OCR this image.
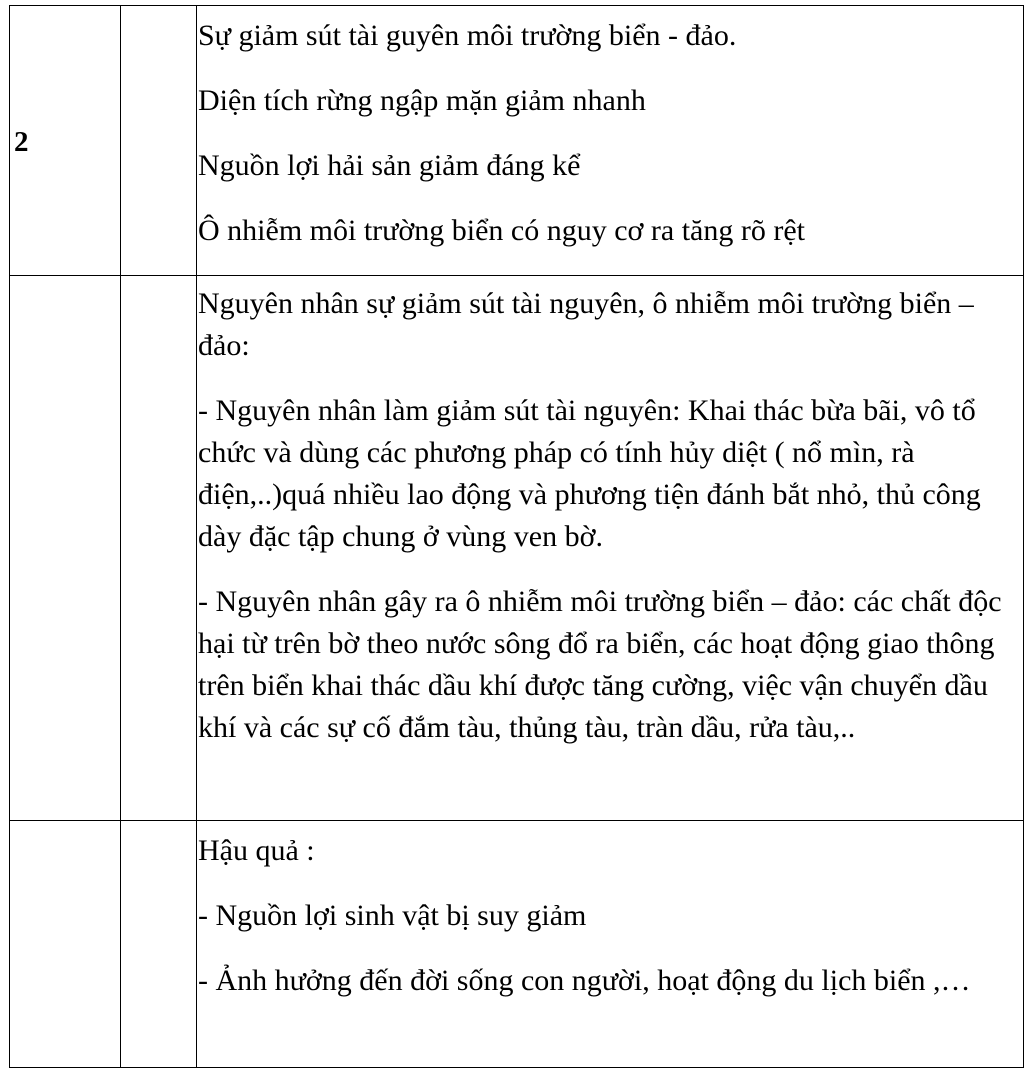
2		Sự giảm sút tài guyên môi trường biển - đảo.

Diện tích rừng ngập mặn giảm nhanh

Nguồn lợi hải sản giảm đáng kể

Ô nhiễm môi trường biển có nguy cơ ra tăng rõ rệt

		Nguyên nhân sự giảm sút tài nguyên, ô nhiễm môi trường biển – đảo:

- Nguyên nhân làm giảm sút tài nguyên: Khai thác bừa bãi, vô tổ chức và dùng các phương pháp có tính hủy diệt ( nổ mìn, rà điện,..)quá nhiều lao động và phương tiện đánh bắt nhỏ, thủ công dày đặc tập chung ở vùng ven bờ.

- Nguyên nhân gây ra ô nhiễm môi trường biển – đảo: các chất độc hại từ trên bờ theo nước sông đổ ra biển, các hoạt động giao thông trên biển khai thác dầu khí được tăng cường, việc vận chuyển dầu khí và các sự cố đắm tàu, thủng tàu, tràn dầu, rửa tàu,..

		Hậu quả :

- Nguồn lợi sinh vật bị suy giảm

- Ảnh hưởng đến đời sống con người, hoạt động du lịch biển ,…
